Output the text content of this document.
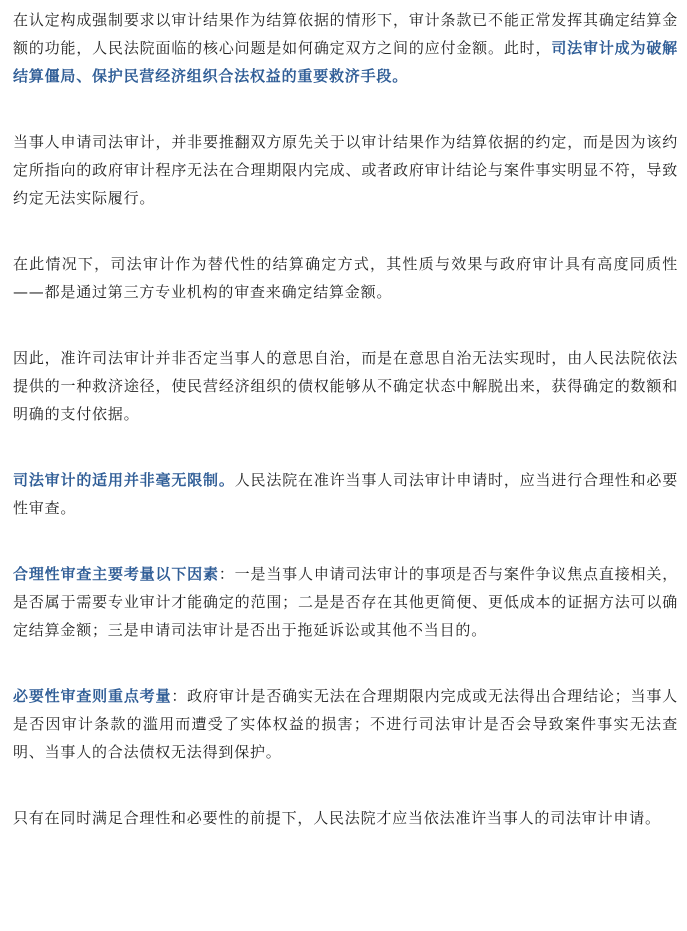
在认定构成强制要求以审计结果作为结算依据的情形下，审计条款已不能正常发挥其确定结算金额的功能，人民法院面临的核心问题是如何确定双方之间的应付金额。此时，司法审计成为破解结算僵局、保护民营经济组织合法权益的重要救济手段。

当事人申请司法审计，并非要推翻双方原先关于以审计结果作为结算依据的约定，而是因为该约定所指向的政府审计程序无法在合理期限内完成、或者政府审计结论与案件事实明显不符，导致约定无法实际履行。

在此情况下，司法审计作为替代性的结算确定方式，其性质与效果与政府审计具有高度同质性——都是通过第三方专业机构的审查来确定结算金额。

因此，准许司法审计并非否定当事人的意思自治，而是在意思自治无法实现时，由人民法院依法提供的一种救济途径，使民营经济组织的债权能够从不确定状态中解脱出来，获得确定的数额和明确的支付依据。

司法审计的适用并非毫无限制。人民法院在准许当事人司法审计申请时，应当进行合理性和必要性审查。

合理性审查主要考量以下因素：一是当事人申请司法审计的事项是否与案件争议焦点直接相关，是否属于需要专业审计才能确定的范围；二是是否存在其他更简便、更低成本的证据方法可以确定结算金额；三是申请司法审计是否出于拖延诉讼或其他不当目的。

必要性审查则重点考量：政府审计是否确实无法在合理期限内完成或无法得出合理结论；当事人是否因审计条款的滥用而遭受了实体权益的损害；不进行司法审计是否会导致案件事实无法查明、当事人的合法债权无法得到保护。

只有在同时满足合理性和必要性的前提下，人民法院才应当依法准许当事人的司法审计申请。
